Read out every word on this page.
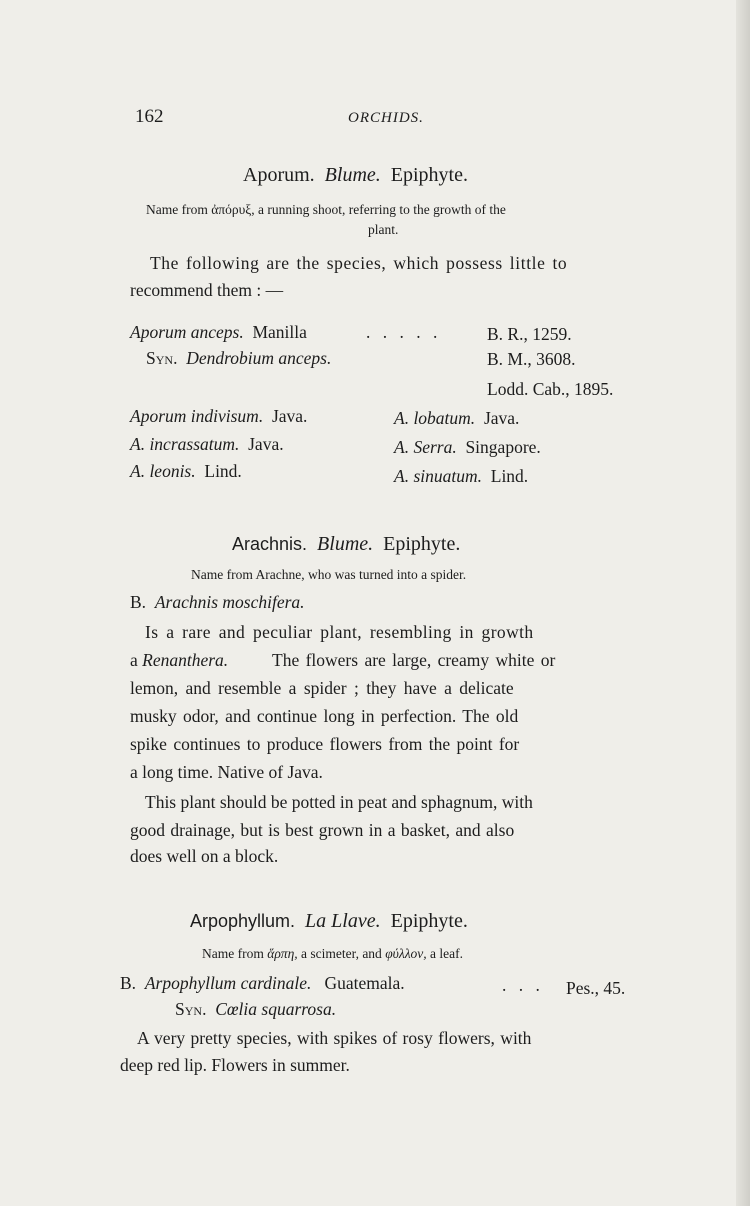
162	ORCHIDS.
Aporum. Blume. Epiphyte.
Name from ἀπόρυξ, a running shoot, referring to the growth of the
plant.
The following are the species, which possess little to
recommend them : —
Aporum anceps. Manilla	. . . . .	B. R., 1259.
Syn. Dendrobium anceps.	B. M., 3608.
Lodd. Cab., 1895.
Aporum indivisum. Java.	A. lobatum. Java.
A. incrassatum. Java.	A. Serra. Singapore.
A. leonis. Lind.	A. sinuatum. Lind.
Arachnis. Blume. Epiphyte.
Name from Arachne, who was turned into a spider.
B. Arachnis moschifera.
Is a rare and peculiar plant, resembling in growth
a Renanthera.	The flowers are large, creamy white or
lemon, and resemble a spider ; they have a delicate
musky odor, and continue long in perfection. The old
spike continues to produce flowers from the point for
a long time. Native of Java.
This plant should be potted in peat and sphagnum, with
good drainage, but is best grown in a basket, and also
does well on a block.
Arpophyllum. La Llave. Epiphyte.
Name from ἅρπη, a scimeter, and φύλλον, a leaf.
B. Arpophyllum cardinale. Guatemala.	. . . Pes., 45.
Syn. Cœlia squarrosa.
A very pretty species, with spikes of rosy flowers, with
deep red lip. Flowers in summer.
